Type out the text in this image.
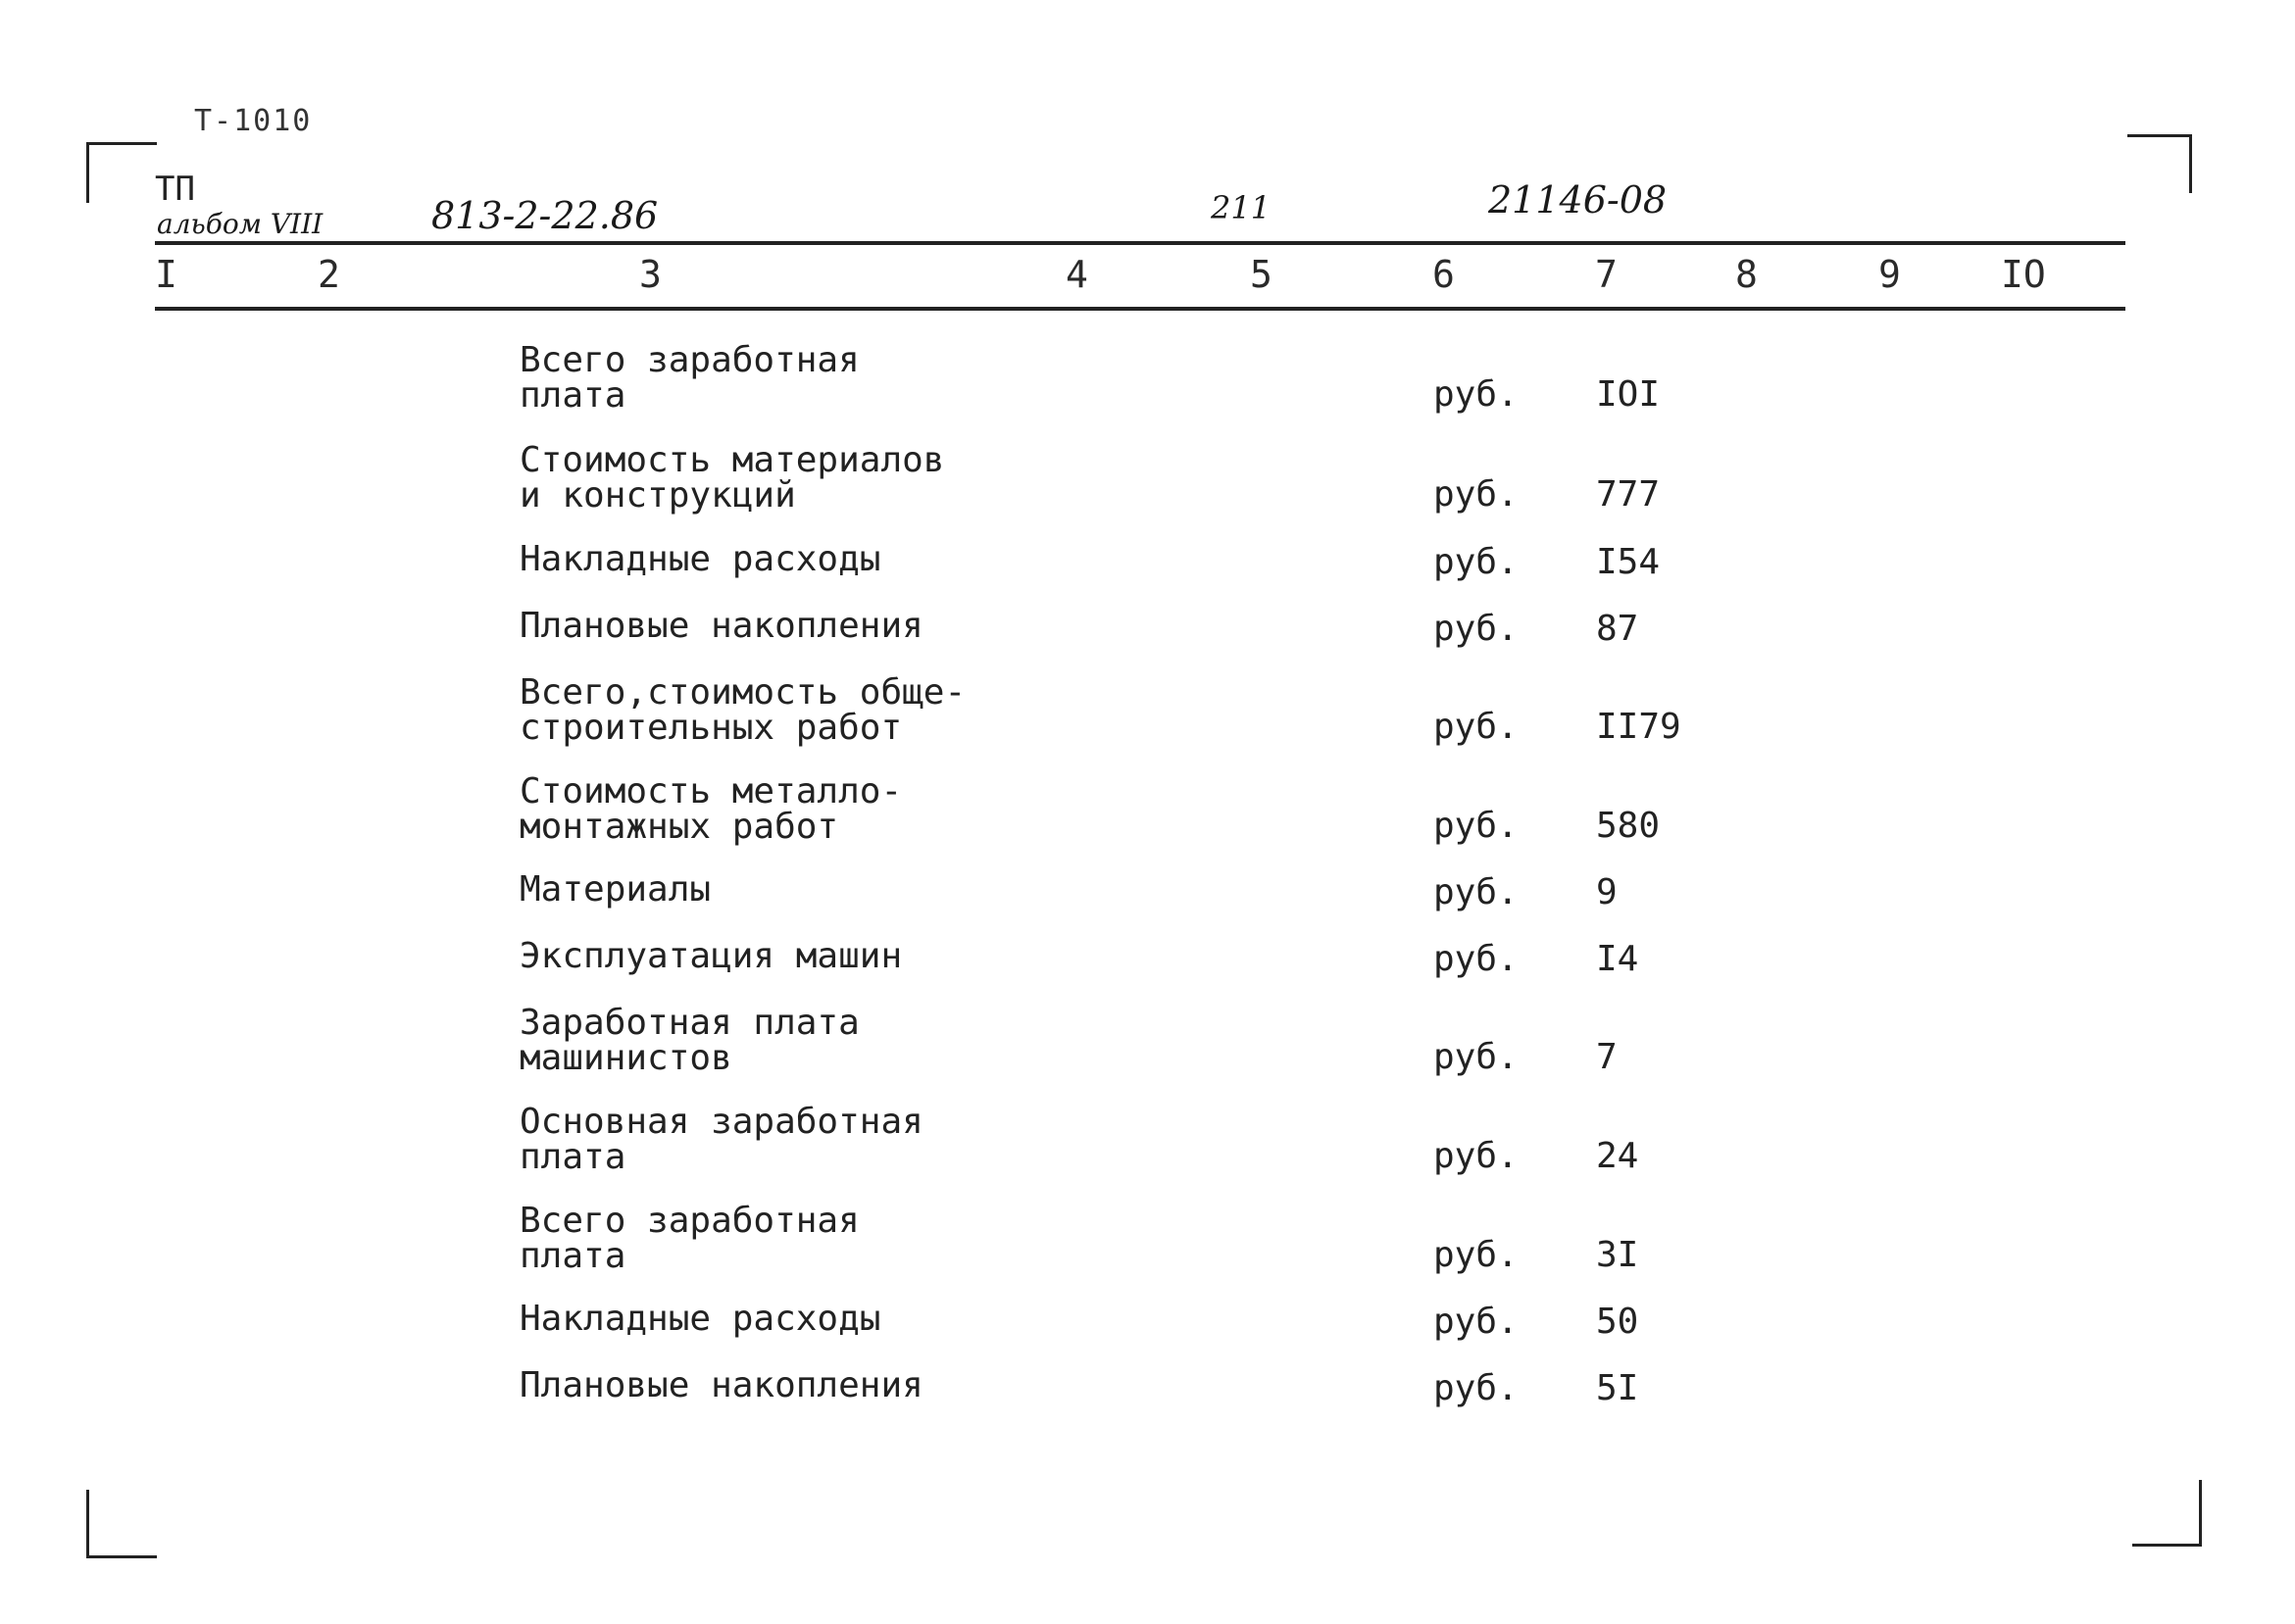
Т-1010
ТП
альбом VIII	813-2-22.86	211	21146-08
I	2	3	4	5	6	7	8	9	IO
Всего заработная
плата	руб. IOI
Стоимость материалов
и конструкций	руб. 777
Накладные расходы	руб. I54
Плановые накопления	руб. 87
Всего,стоимость обще-
строительных работ	руб. II79
Стоимость металло-
монтажных работ	руб. 580
Материалы	руб. 9
Эксплуатация машин	руб. I4
Заработная плата
машинистов	руб. 7
Основная заработная
плата	руб. 24
Всего заработная
плата	руб. 3I
Накладные расходы	руб. 50
Плановые накопления	руб. 5I
